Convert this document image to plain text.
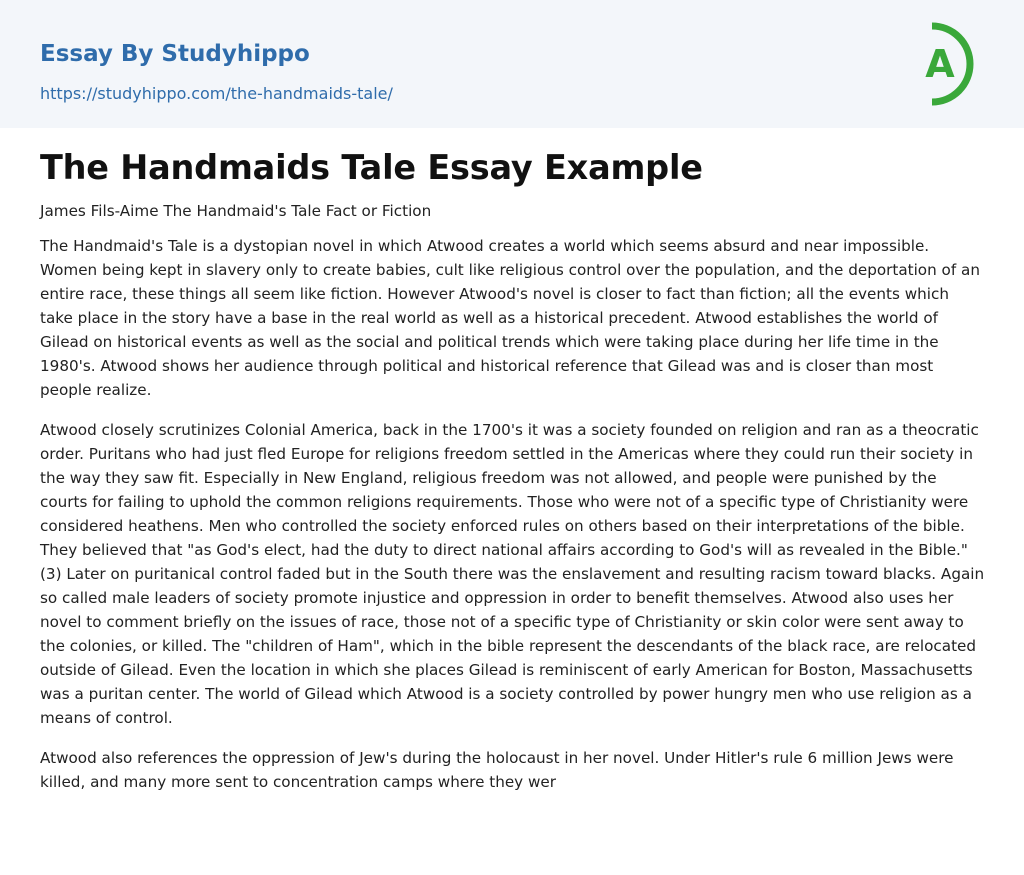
Essay By Studyhippo
https://studyhippo.com/the-handmaids-tale/
A
The Handmaids Tale Essay Example
James Fils-Aime The Handmaid's Tale Fact or Fiction

The Handmaid's Tale is a dystopian novel in which Atwood creates a world which seems absurd and near impossible. Women being kept in slavery only to create babies, cult like religious control over the population, and the deportation of an entire race, these things all seem like fiction. However Atwood's novel is closer to fact than fiction; all the events which take place in the story have a base in the real world as well as a historical precedent. Atwood establishes the world of Gilead on historical events as well as the social and political trends which were taking place during her life time in the 1980's. Atwood shows her audience through political and historical reference that Gilead was and is closer than most people realize.

Atwood closely scrutinizes Colonial America, back in the 1700's it was a society founded on religion and ran as a theocratic order. Puritans who had just fled Europe for religions freedom settled in the Americas where they could run their society in the way they saw fit. Especially in New England, religious freedom was not allowed, and people were punished by the courts for failing to uphold the common religions requirements. Those who were not of a specific type of Christianity were considered heathens. Men who controlled the society enforced rules on others based on their interpretations of the bible. They believed that "as God's elect, had the duty to direct national affairs according to God's will as revealed in the Bible." (3) Later on puritanical control faded but in the South there was the enslavement and resulting racism toward blacks. Again so called male leaders of society promote injustice and oppression in order to benefit themselves. Atwood also uses her novel to comment briefly on the issues of race, those not of a specific type of Christianity or skin color were sent away to the colonies, or killed. The "children of Ham", which in the bible represent the descendants of the black race, are relocated outside of Gilead. Even the location in which she places Gilead is reminiscent of early American for Boston, Massachusetts was a puritan center. The world of Gilead which Atwood is a society controlled by power hungry men who use religion as a means of control.

Atwood also references the oppression of Jew's during the holocaust in her novel. Under Hitler's rule 6 million Jews were killed, and many more sent to concentration camps where they wer
